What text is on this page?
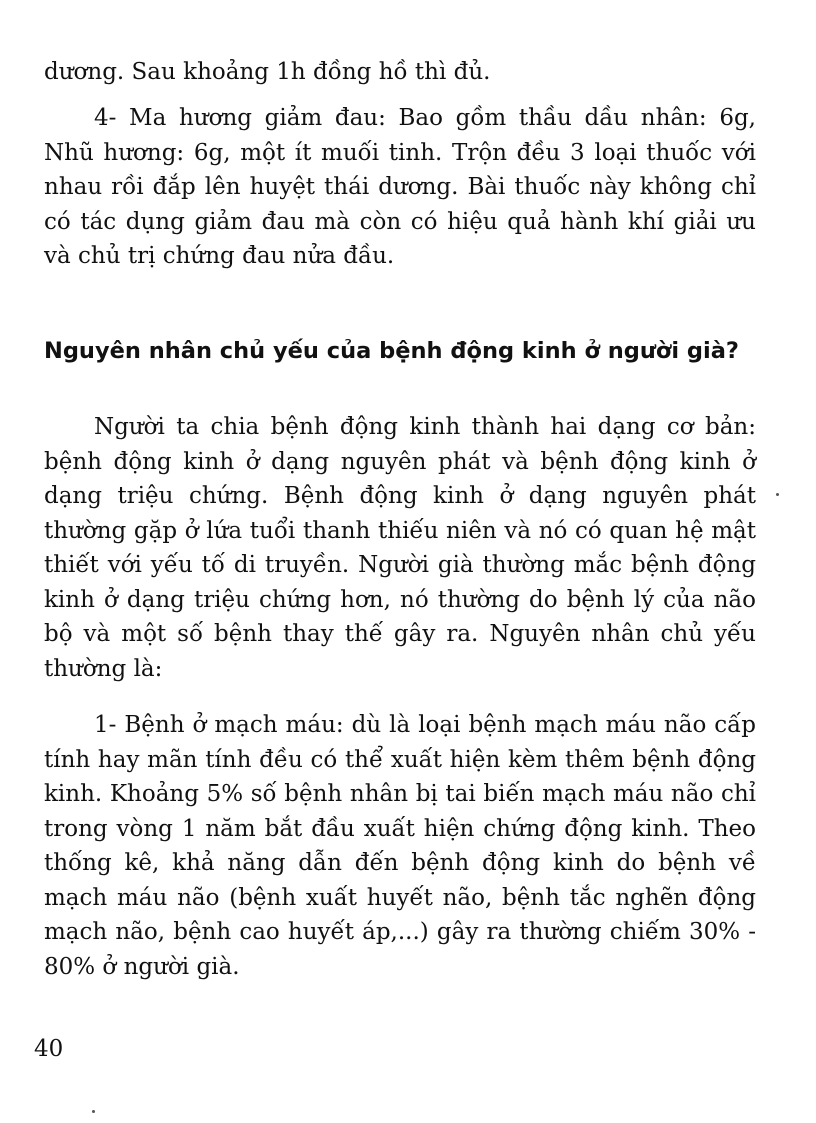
dương. Sau khoảng 1h đồng hồ thì đủ.

4- Ma hương giảm đau: Bao gồm thầu dầu nhân: 6g, Nhũ hương: 6g, một ít muối tinh. Trộn đều 3 loại thuốc với nhau rồi đắp lên huyệt thái dương. Bài thuốc này không chỉ có tác dụng giảm đau mà còn có hiệu quả hành khí giải ưu và chủ trị chứng đau nửa đầu.

Nguyên nhân chủ yếu của bệnh động kinh ở người già?

Người ta chia bệnh động kinh thành hai dạng cơ bản: bệnh động kinh ở dạng nguyên phát và bệnh động kinh ở dạng triệu chứng. Bệnh động kinh ở dạng nguyên phát thường gặp ở lứa tuổi thanh thiếu niên và nó có quan hệ mật thiết với yếu tố di truyền. Người già thường mắc bệnh động kinh ở dạng triệu chứng hơn, nó thường do bệnh lý của não bộ và một số bệnh thay thế gây ra. Nguyên nhân chủ yếu thường là:

1- Bệnh ở mạch máu: dù là loại bệnh mạch máu não cấp tính hay mãn tính đều có thể xuất hiện kèm thêm bệnh động kinh. Khoảng 5% số bệnh nhân bị tai biến mạch máu não chỉ trong vòng 1 năm bắt đầu xuất hiện chứng động kinh. Theo thống kê, khả năng dẫn đến bệnh động kinh do bệnh về mạch máu não (bệnh xuất huyết não, bệnh tắc nghẽn động mạch não, bệnh cao huyết áp,...) gây ra thường chiếm 30% - 80% ở người già.

40
